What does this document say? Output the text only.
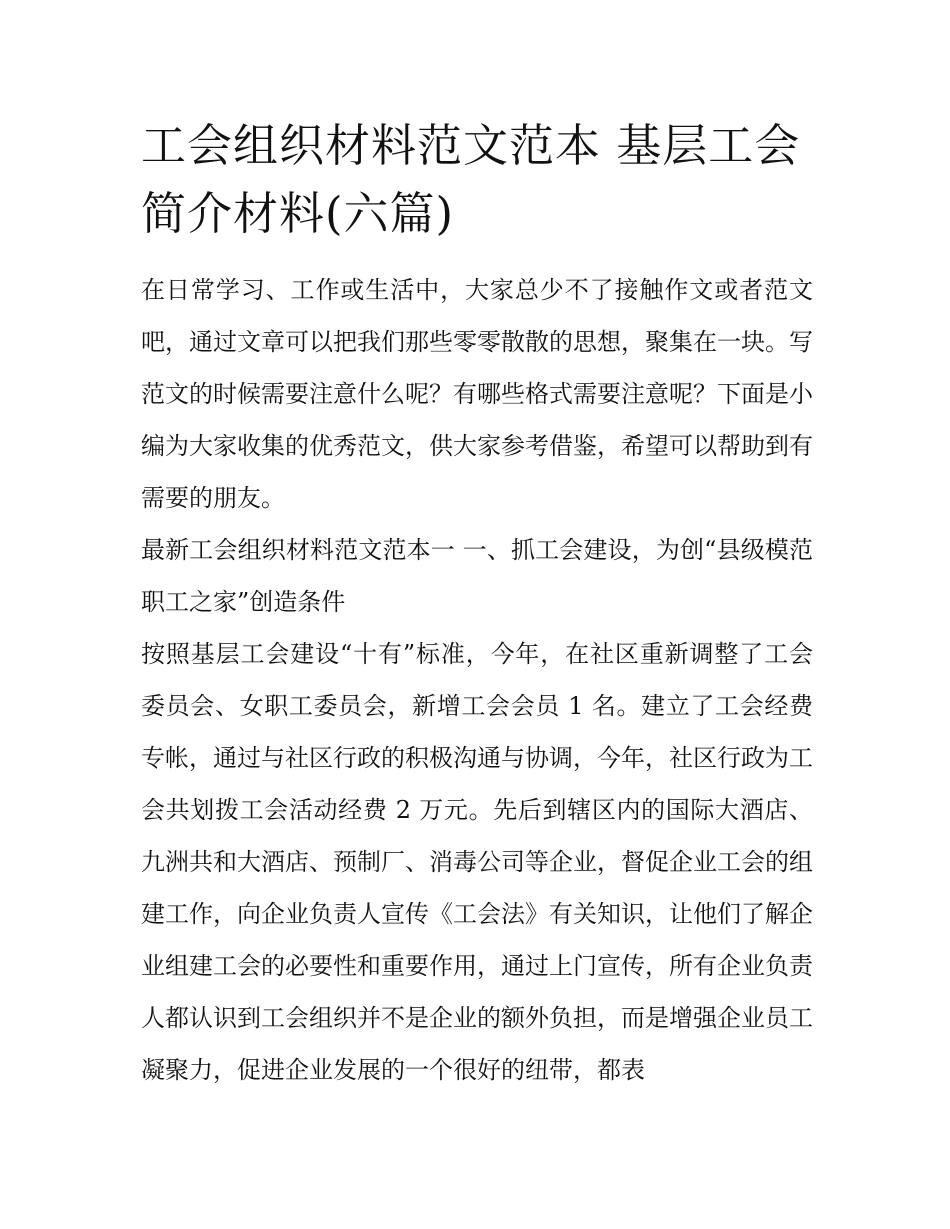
工会组织材料范文范本 基层工会简介材料(六篇)

在日常学习、工作或生活中，大家总少不了接触作文或者范文吧，通过文章可以把我们那些零零散散的思想，聚集在一块。写范文的时候需要注意什么呢？有哪些格式需要注意呢？下面是小编为大家收集的优秀范文，供大家参考借鉴，希望可以帮助到有需要的朋友。

最新工会组织材料范文范本一 一、抓工会建设，为创“县级模范职工之家”创造条件

按照基层工会建设“十有”标准，今年，在社区重新调整了工会委员会、女职工委员会，新增工会会员 1 名。建立了工会经费专帐，通过与社区行政的积极沟通与协调，今年，社区行政为工会共划拨工会活动经费 2 万元。先后到辖区内的国际大酒店、九洲共和大酒店、预制厂、消毒公司等企业，督促企业工会的组建工作，向企业负责人宣传《工会法》有关知识，让他们了解企业组建工会的必要性和重要作用，通过上门宣传，所有企业负责人都认识到工会组织并不是企业的额外负担，而是增强企业员工凝聚力，促进企业发展的一个很好的纽带，都表
